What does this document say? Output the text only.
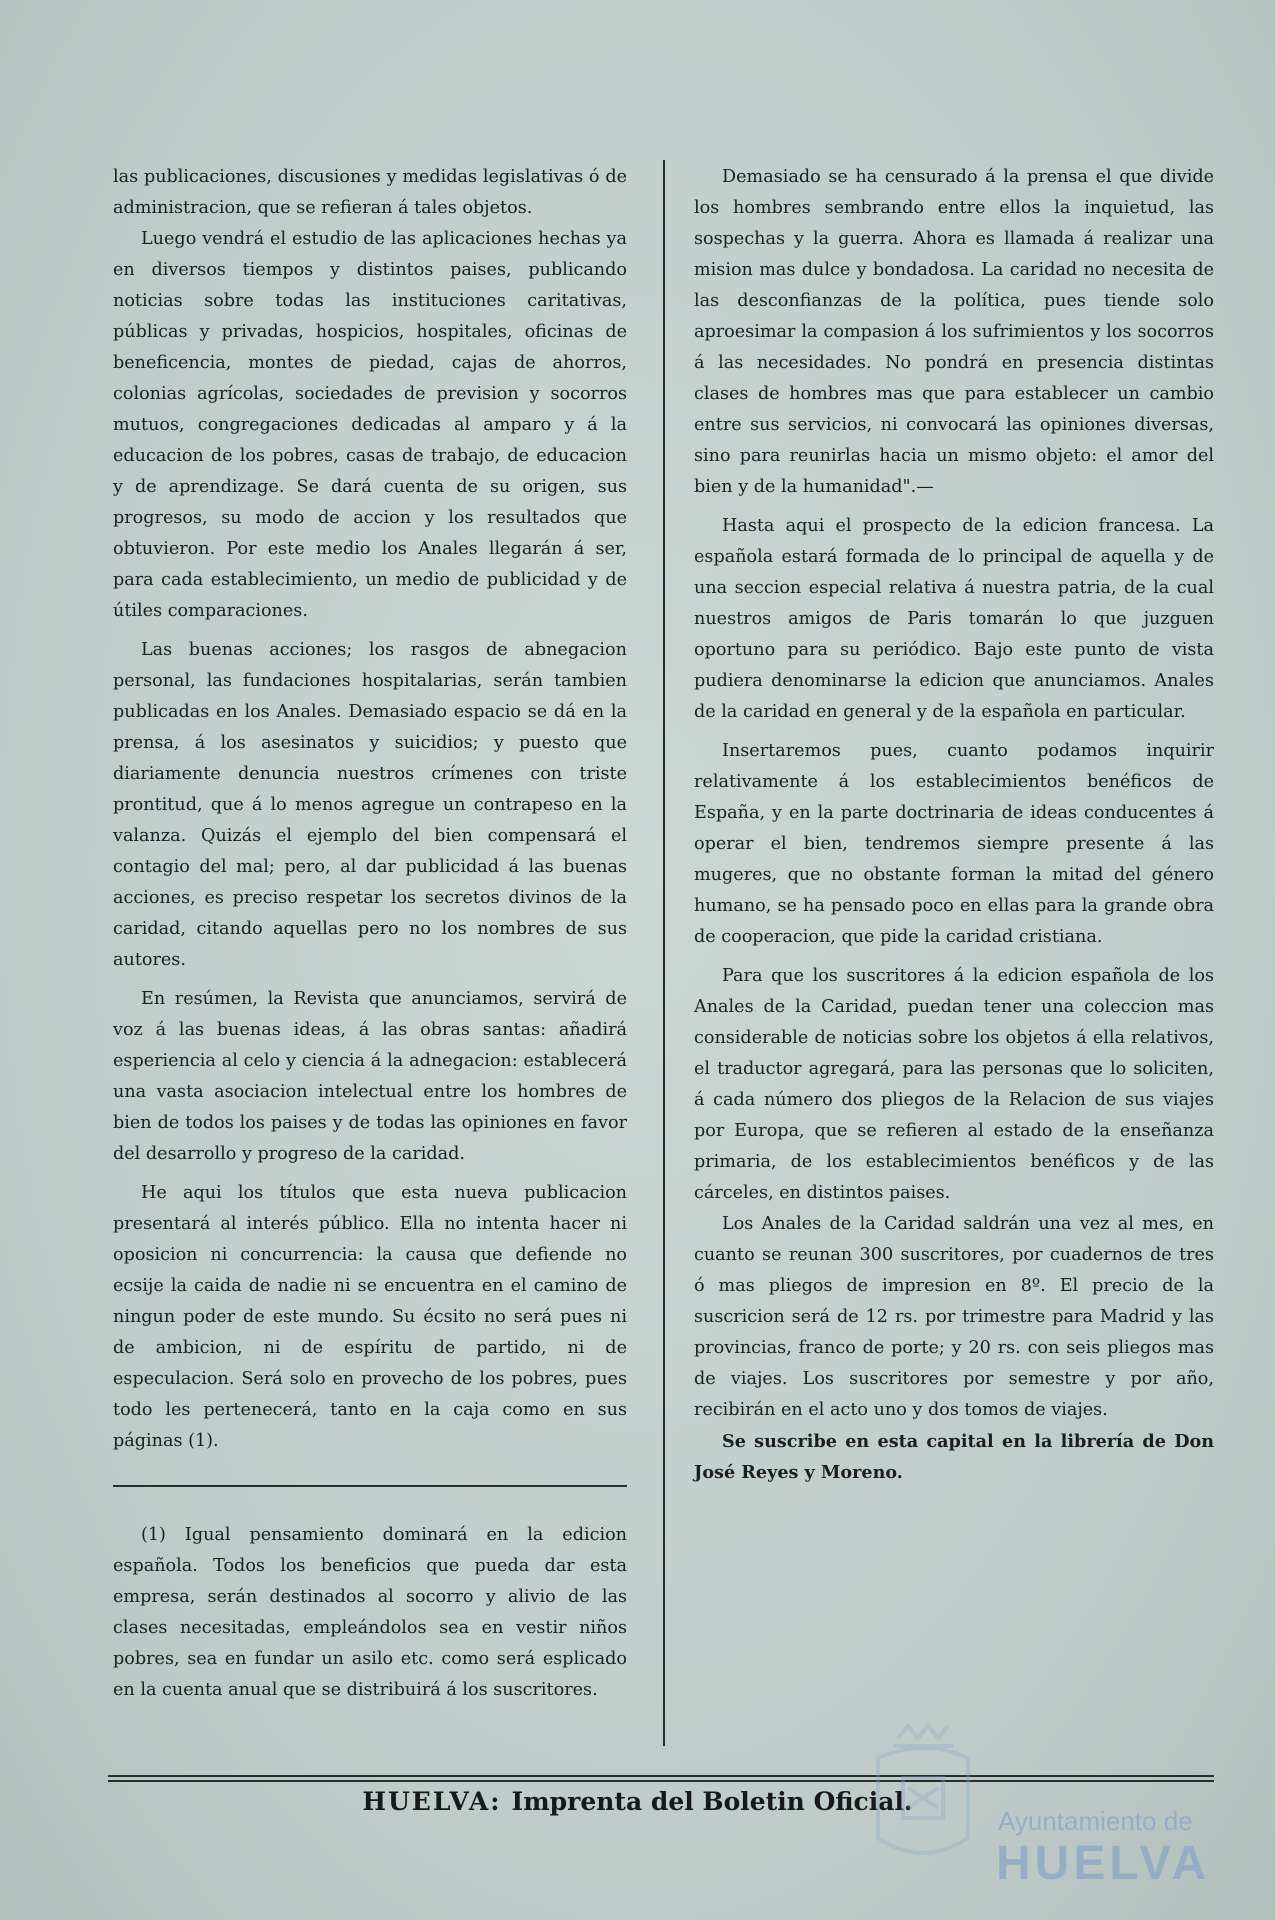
las publicaciones, discusiones y medidas legislativas ó de administracion, que se refieran á tales objetos.

Luego vendrá el estudio de las aplicaciones hechas ya en diversos tiempos y distintos paises, publicando noticias sobre todas las instituciones caritativas, públicas y privadas, hospicios, hospitales, oficinas de beneficencia, montes de piedad, cajas de ahorros, colonias agrícolas, sociedades de prevision y socorros mutuos, congregaciones dedicadas al amparo y á la educacion de los pobres, casas de trabajo, de educacion y de aprendizage. Se dará cuenta de su origen, sus progresos, su modo de accion y los resultados que obtuvieron. Por este medio los Anales llegarán á ser, para cada establecimiento, un medio de publicidad y de útiles comparaciones.

Las buenas acciones; los rasgos de abnegacion personal, las fundaciones hospitalarias, serán tambien publicadas en los Anales. Demasiado espacio se dá en la prensa, á los asesinatos y suicidios; y puesto que diariamente denuncia nuestros crímenes con triste prontitud, que á lo menos agregue un contrapeso en la valanza. Quizás el ejemplo del bien compensará el contagio del mal; pero, al dar publicidad á las buenas acciones, es preciso respetar los secretos divinos de la caridad, citando aquellas pero no los nombres de sus autores.

En resúmen, la Revista que anunciamos, servirá de voz á las buenas ideas, á las obras santas: añadirá esperiencia al celo y ciencia á la adnegacion: establecerá una vasta asociacion intelectual entre los hombres de bien de todos los paises y de todas las opiniones en favor del desarrollo y progreso de la caridad.

He aqui los títulos que esta nueva publicacion presentará al interés público. Ella no intenta hacer ni oposicion ni concurrencia: la causa que defiende no ecsije la caida de nadie ni se encuentra en el camino de ningun poder de este mundo. Su écsito no será pues ni de ambicion, ni de espíritu de partido, ni de especulacion. Será solo en provecho de los pobres, pues todo les pertenecerá, tanto en la caja como en sus páginas (1).

(1) Igual pensamiento dominará en la edicion española. Todos los beneficios que pueda dar esta empresa, serán destinados al socorro y alivio de las clases necesitadas, empleándolos sea en vestir niños pobres, sea en fundar un asilo etc. como será esplicado en la cuenta anual que se distribuirá á los suscritores.

Demasiado se ha censurado á la prensa el que divide los hombres sembrando entre ellos la inquietud, las sospechas y la guerra. Ahora es llamada á realizar una mision mas dulce y bondadosa. La caridad no necesita de las desconfianzas de la política, pues tiende solo aproesimar la compasion á los sufrimientos y los socorros á las necesidades. No pondrá en presencia distintas clases de hombres mas que para establecer un cambio entre sus servicios, ni convocará las opiniones diversas, sino para reunirlas hacia un mismo objeto: el amor del bien y de la humanidad".—

Hasta aqui el prospecto de la edicion francesa. La española estará formada de lo principal de aquella y de una seccion especial relativa á nuestra patria, de la cual nuestros amigos de Paris tomarán lo que juzguen oportuno para su periódico. Bajo este punto de vista pudiera denominarse la edicion que anunciamos. Anales de la caridad en general y de la española en particular.

Insertaremos pues, cuanto podamos inquirir relativamente á los establecimientos benéficos de España, y en la parte doctrinaria de ideas conducentes á operar el bien, tendremos siempre presente á las mugeres, que no obstante forman la mitad del género humano, se ha pensado poco en ellas para la grande obra de cooperacion, que pide la caridad cristiana.

Para que los suscritores á la edicion española de los Anales de la Caridad, puedan tener una coleccion mas considerable de noticias sobre los objetos á ella relativos, el traductor agregará, para las personas que lo soliciten, á cada número dos pliegos de la Relacion de sus viajes por Europa, que se refieren al estado de la enseñanza primaria, de los establecimientos benéficos y de las cárceles, en distintos paises.

Los Anales de la Caridad saldrán una vez al mes, en cuanto se reunan 300 suscritores, por cuadernos de tres ó mas pliegos de impresion en 8º. El precio de la suscricion será de 12 rs. por trimestre para Madrid y las provincias, franco de porte; y 20 rs. con seis pliegos mas de viajes. Los suscritores por semestre y por año, recibirán en el acto uno y dos tomos de viajes.

Se suscribe en esta capital en la librería de Don José Reyes y Moreno.

HUELVA: Imprenta del Boletin Oficial.
Ayuntamiento de
HUELVA
